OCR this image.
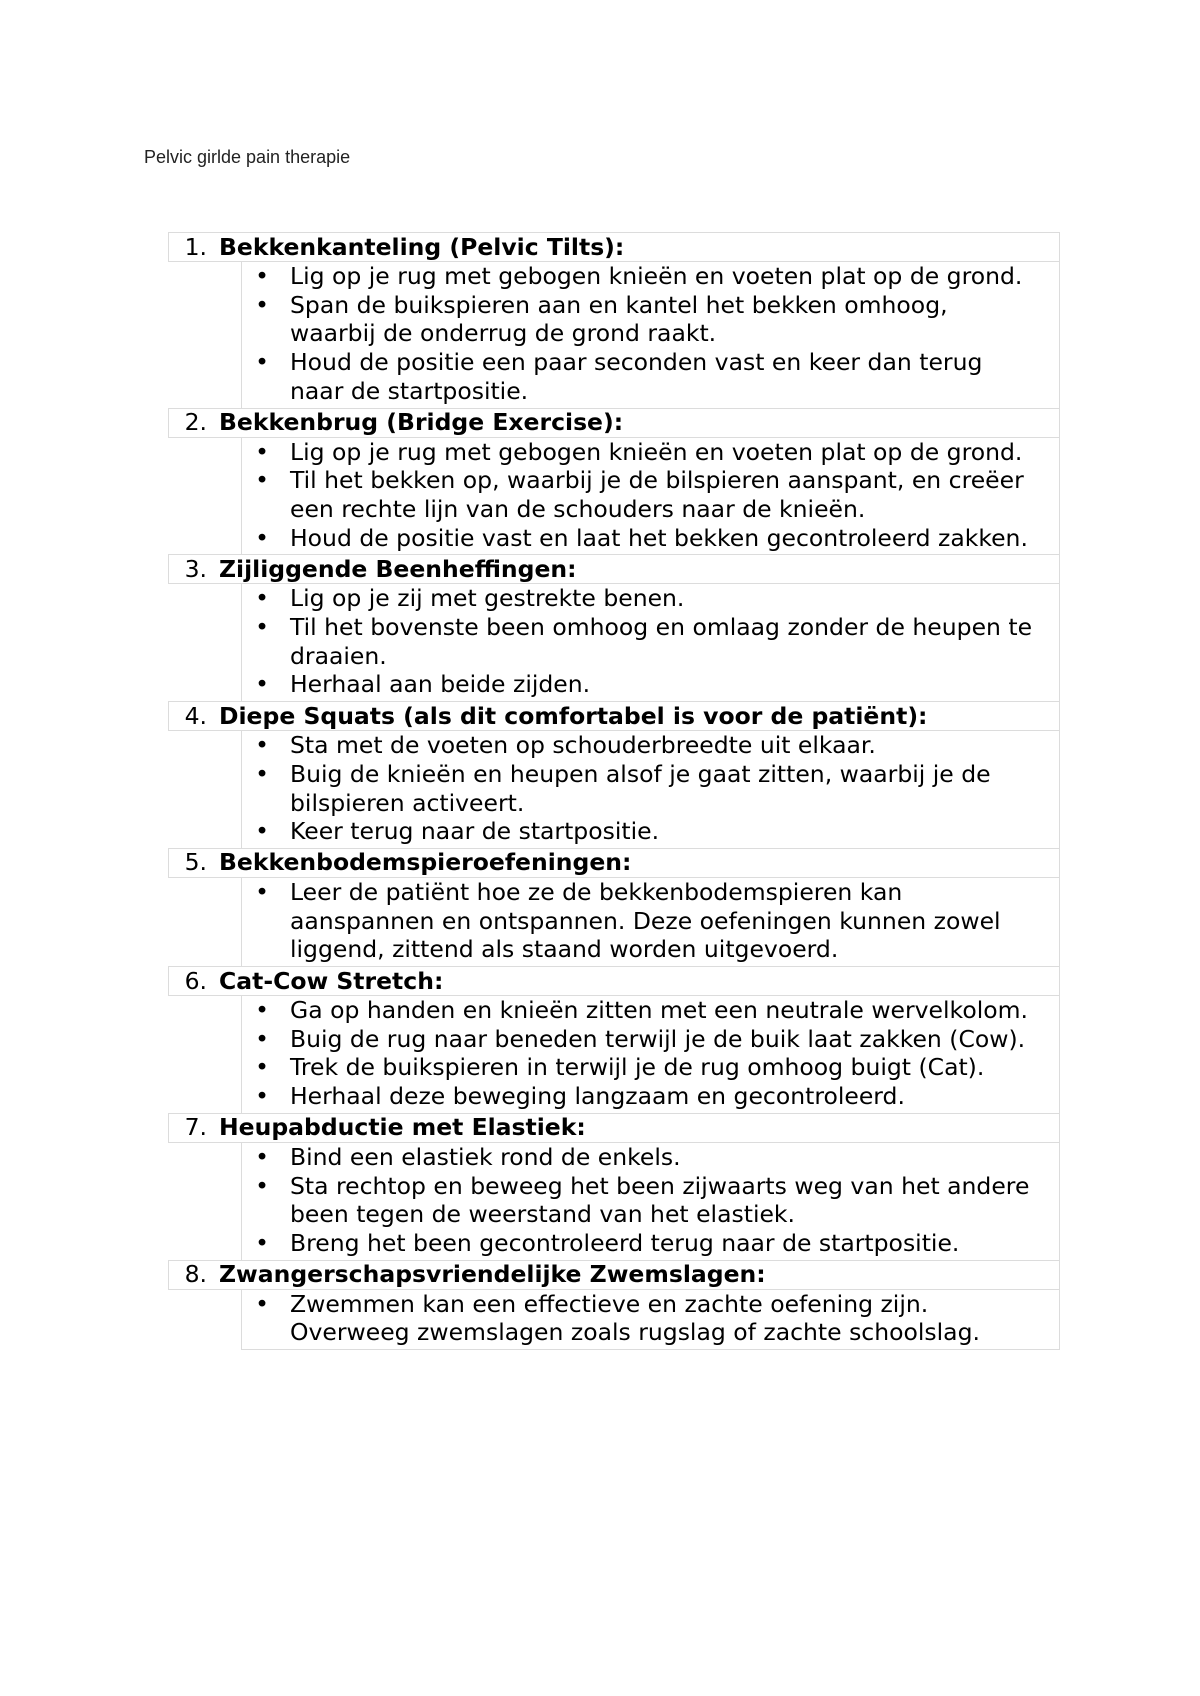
Pelvic girlde pain therapie
1. Bekkenkanteling (Pelvic Tilts):
• Lig op je rug met gebogen knieën en voeten plat op de grond.
• Span de buikspieren aan en kantel het bekken omhoog,
waarbij de onderrug de grond raakt.
• Houd de positie een paar seconden vast en keer dan terug
naar de startpositie.
2. Bekkenbrug (Bridge Exercise):
• Lig op je rug met gebogen knieën en voeten plat op de grond.
• Til het bekken op, waarbij je de bilspieren aanspant, en creëer
een rechte lijn van de schouders naar de knieën.
• Houd de positie vast en laat het bekken gecontroleerd zakken.
3. Zijliggende Beenheffingen:
• Lig op je zij met gestrekte benen.
• Til het bovenste been omhoog en omlaag zonder de heupen te
draaien.
• Herhaal aan beide zijden.
4. Diepe Squats (als dit comfortabel is voor de patiënt):
• Sta met de voeten op schouderbreedte uit elkaar.
• Buig de knieën en heupen alsof je gaat zitten, waarbij je de
bilspieren activeert.
• Keer terug naar de startpositie.
5. Bekkenbodemspieroefeningen:
• Leer de patiënt hoe ze de bekkenbodemspieren kan
aanspannen en ontspannen. Deze oefeningen kunnen zowel
liggend, zittend als staand worden uitgevoerd.
6. Cat-Cow Stretch:
• Ga op handen en knieën zitten met een neutrale wervelkolom.
• Buig de rug naar beneden terwijl je de buik laat zakken (Cow).
• Trek de buikspieren in terwijl je de rug omhoog buigt (Cat).
• Herhaal deze beweging langzaam en gecontroleerd.
7. Heupabductie met Elastiek:
• Bind een elastiek rond de enkels.
• Sta rechtop en beweeg het been zijwaarts weg van het andere
been tegen de weerstand van het elastiek.
• Breng het been gecontroleerd terug naar de startpositie.
8. Zwangerschapsvriendelijke Zwemslagen:
• Zwemmen kan een effectieve en zachte oefening zijn.
Overweeg zwemslagen zoals rugslag of zachte schoolslag.
